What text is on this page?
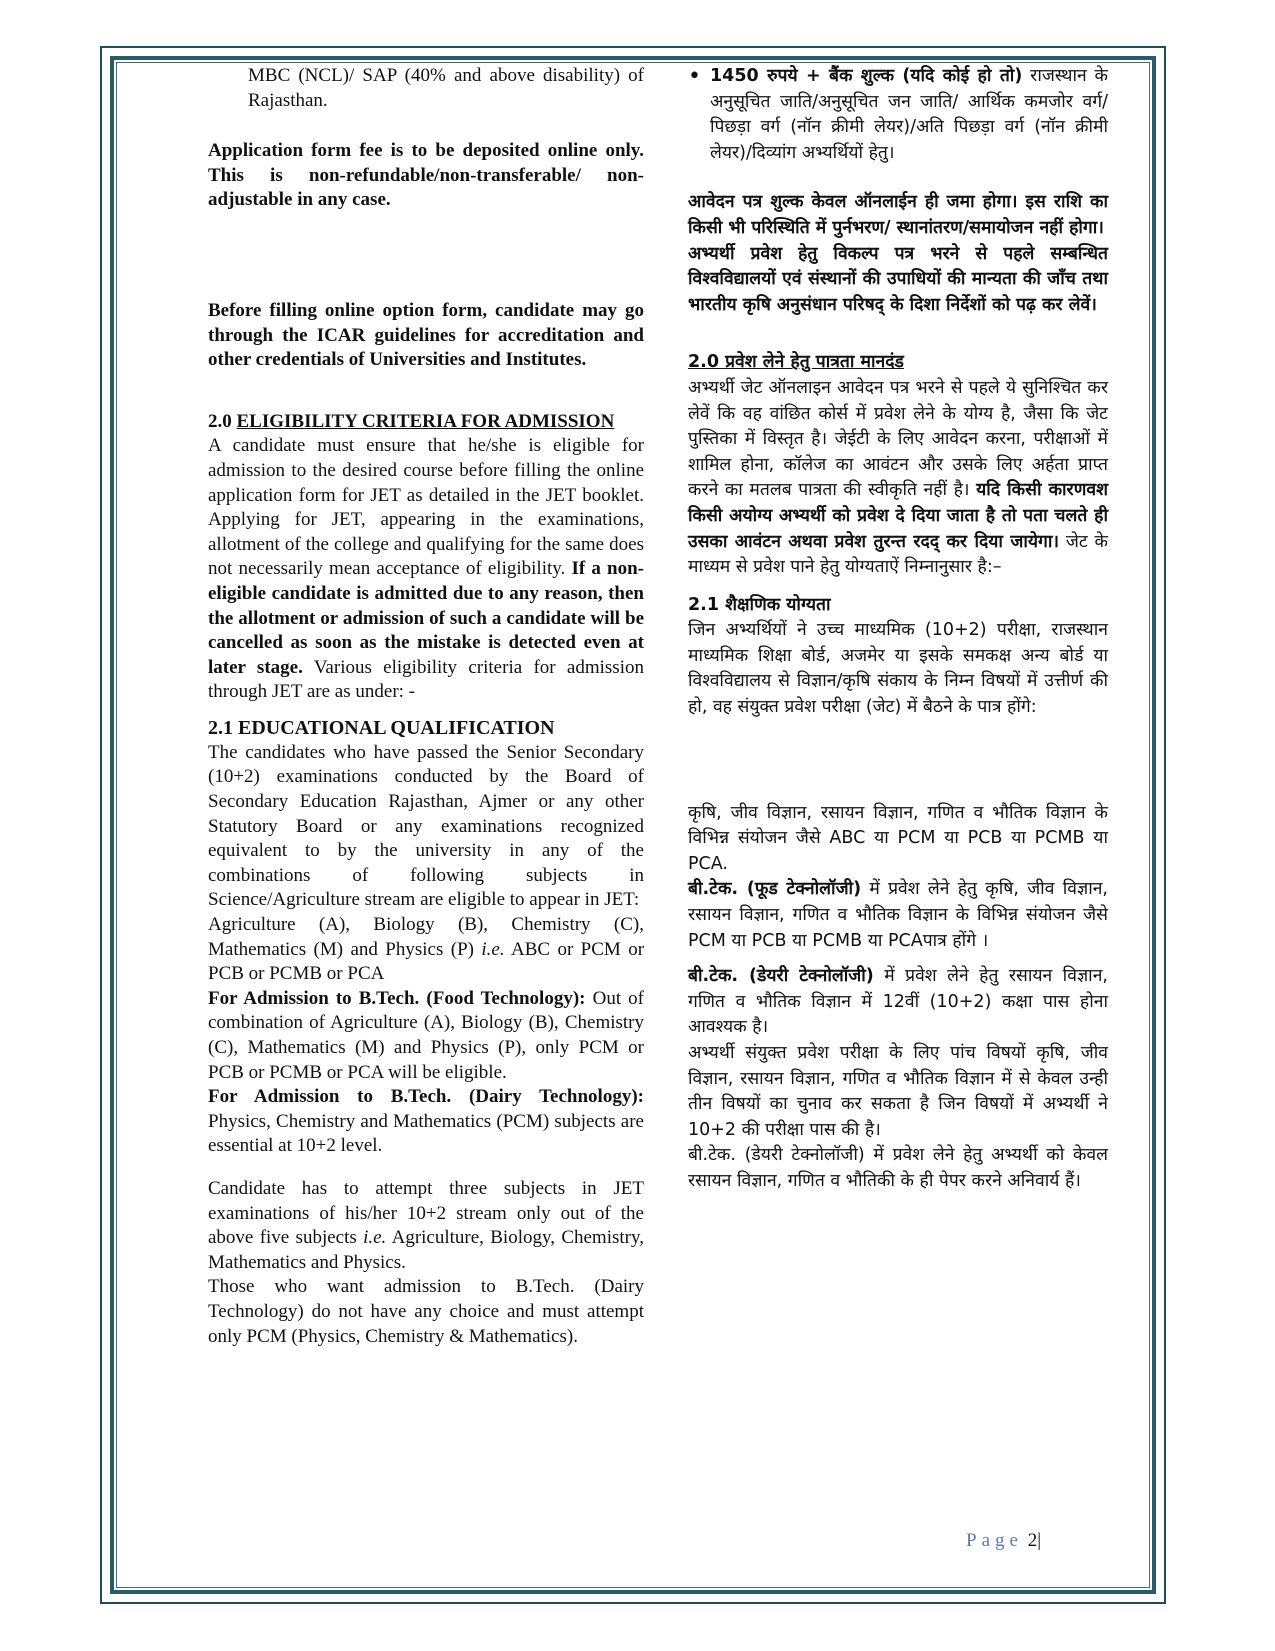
MBC (NCL)/ SAP (40% and above disability) of Rajasthan.

Application form fee is to be deposited online only. This is non-refundable/non-transferable/ non-adjustable in any case.

Before filling online option form, candidate may go through the ICAR guidelines for accreditation and other credentials of Universities and Institutes.

2.0 ELIGIBILITY CRITERIA FOR ADMISSION

A candidate must ensure that he/she is eligible for admission to the desired course before filling the online application form for JET as detailed in the JET booklet. Applying for JET, appearing in the examinations, allotment of the college and qualifying for the same does not necessarily mean acceptance of eligibility. If a non-eligible candidate is admitted due to any reason, then the allotment or admission of such a candidate will be cancelled as soon as the mistake is detected even at later stage. Various eligibility criteria for admission through JET are as under: -

2.1 EDUCATIONAL QUALIFICATION

The candidates who have passed the Senior Secondary (10+2) examinations conducted by the Board of Secondary Education Rajasthan, Ajmer or any other Statutory Board or any examinations recognized equivalent to by the university in any of the combinations of following subjects in Science/Agriculture stream are eligible to appear in JET:

Agriculture (A), Biology (B), Chemistry (C), Mathematics (M) and Physics (P) i.e. ABC or PCM or PCB or PCMB or PCA

For Admission to B.Tech. (Food Technology): Out of combination of Agriculture (A), Biology (B), Chemistry (C), Mathematics (M) and Physics (P), only PCM or PCB or PCMB or PCA will be eligible.

For Admission to B.Tech. (Dairy Technology): Physics, Chemistry and Mathematics (PCM) subjects are essential at 10+2 level.

Candidate has to attempt three subjects in JET examinations of his/her 10+2 stream only out of the above five subjects i.e. Agriculture, Biology, Chemistry, Mathematics and Physics.

Those who want admission to B.Tech. (Dairy Technology) do not have any choice and must attempt only PCM (Physics, Chemistry & Mathematics).

• 1450 रुपये + बैंक शुल्क (यदि कोई हो तो) राजस्थान के अनुसूचित जाति/अनुसूचित जन जाति/ आर्थिक कमजोर वर्ग/पिछड़ा वर्ग (नॉन क्रीमी लेयर)/अति पिछड़ा वर्ग (नॉन क्रीमी लेयर)/दिव्यांग अभ्यर्थियों हेतु।

आवेदन पत्र शुल्क केवल ऑनलाईन ही जमा होगा। इस राशि का किसी भी परिस्थिति में पुर्नभरण/ स्थानांतरण/समायोजन नहीं होगा।

अभ्यर्थी प्रवेश हेतु विकल्प पत्र भरने से पहले सम्बन्धित विश्वविद्यालयों एवं संस्थानों की उपाधियों की मान्यता की जाँच तथा भारतीय कृषि अनुसंधान परिषद् के दिशा निर्देशों को पढ़ कर लेवें।

2.0 प्रवेश लेने हेतु पात्रता मानदंड

अभ्यर्थी जेट ऑनलाइन आवेदन पत्र भरने से पहले ये सुनिश्चित कर लेवें कि वह वांछित कोर्स में प्रवेश लेने के योग्य है, जैसा कि जेट पुस्तिका में विस्तृत है। जेईटी के लिए आवेदन करना, परीक्षाओं में शामिल होना, कॉलेज का आवंटन और उसके लिए अर्हता प्राप्त करने का मतलब पात्रता की स्वीकृति नहीं है। यदि किसी कारणवश किसी अयोग्य अभ्यर्थी को प्रवेश दे दिया जाता है तो पता चलते ही उसका आवंटन अथवा प्रवेश तुरन्त रदद् कर दिया जायेगा। जेट के माध्यम से प्रवेश पाने हेतु योग्यताऐं निम्नानुसार है:–

2.1 शैक्षणिक योग्यता

जिन अभ्यर्थियों ने उच्च माध्यमिक (10+2) परीक्षा, राजस्थान माध्यमिक शिक्षा बोर्ड, अजमेर या इसके समकक्ष अन्य बोर्ड या विश्वविद्यालय से विज्ञान/कृषि संकाय के निम्न विषयों में उत्तीर्ण की हो, वह संयुक्त प्रवेश परीक्षा (जेट) में बैठने के पात्र होंगे:

कृषि, जीव विज्ञान, रसायन विज्ञान, गणित व भौतिक विज्ञान के विभिन्न संयोजन जैसे ABC या PCM या PCB या PCMB या PCA.

बी.टेक. (फूड टेक्नोलॉजी) में प्रवेश लेने हेतु कृषि, जीव विज्ञान, रसायन विज्ञान, गणित व भौतिक विज्ञान के विभिन्न संयोजन जैसे PCM या PCB या PCMB या PCAपात्र होंगे ।

बी.टेक. (डेयरी टेक्नोलॉजी) में प्रवेश लेने हेतु रसायन विज्ञान, गणित व भौतिक विज्ञान में 12वीं (10+2) कक्षा पास होना आवश्यक है।

अभ्यर्थी संयुक्त प्रवेश परीक्षा के लिए पांच विषयों कृषि, जीव विज्ञान, रसायन विज्ञान, गणित व भौतिक विज्ञान में से केवल उन्ही तीन विषयों का चुनाव कर सकता है जिन विषयों में अभ्यर्थी ने 10+2 की परीक्षा पास की है।

बी.टेक. (डेयरी टेक्नोलॉजी) में प्रवेश लेने हेतु अभ्यर्थी को केवल रसायन विज्ञान, गणित व भौतिकी के ही पेपर करने अनिवार्य हैं।

Page 2|
